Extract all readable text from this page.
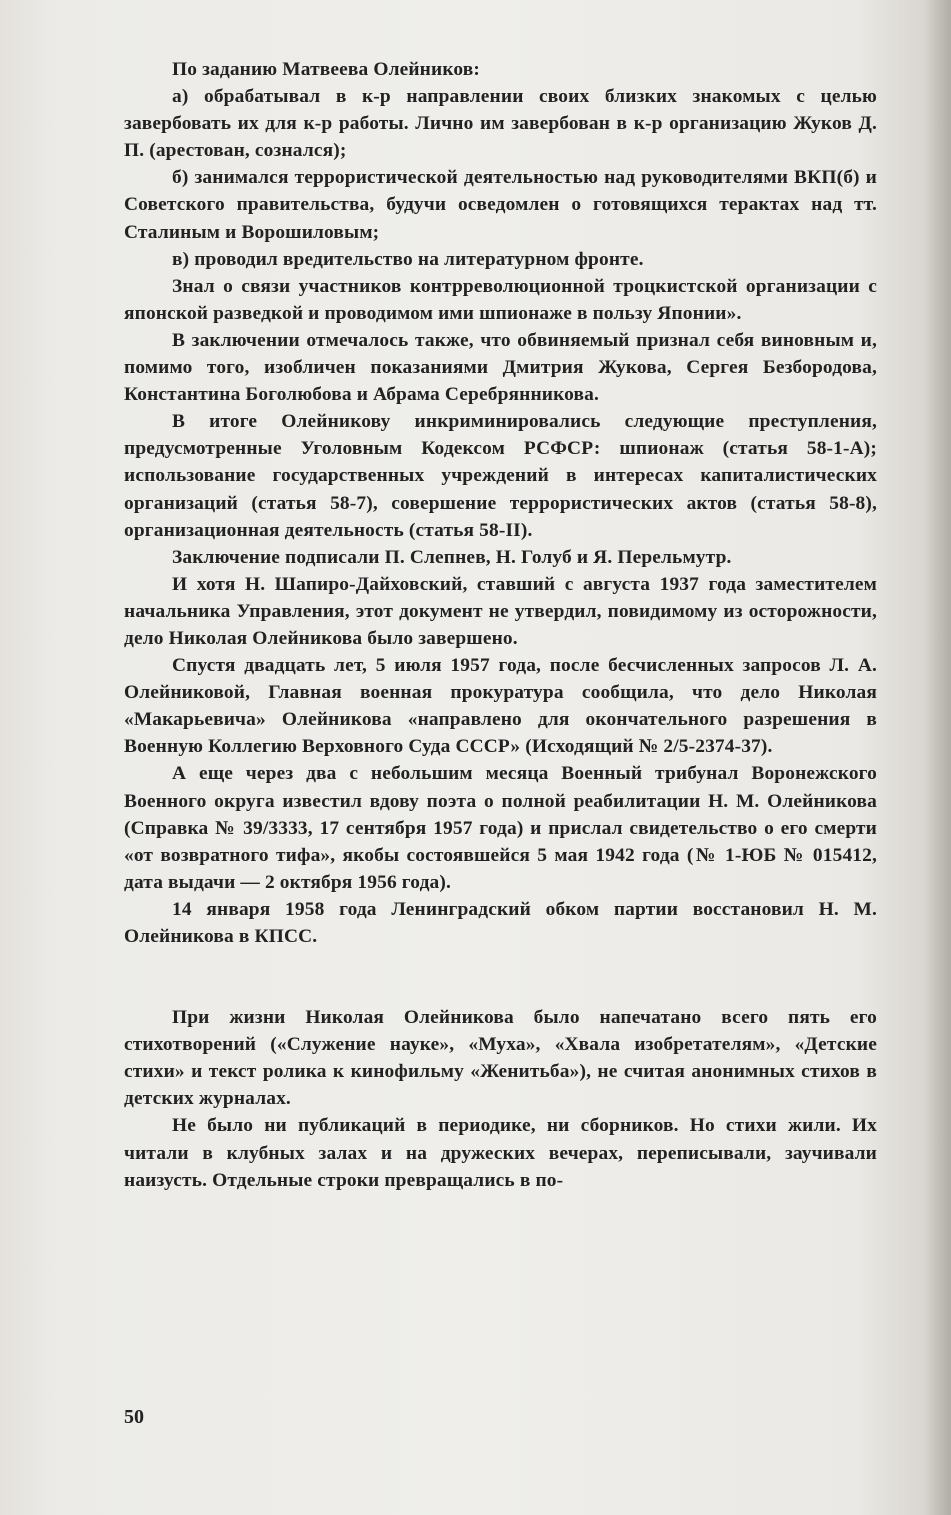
По заданию Матвеева Олейников:

а) обрабатывал в к-р направлении своих близких знакомых с целью завербовать их для к-р работы. Лично им завербован в к-р организацию Жуков Д. П. (арестован, сознался);

б) занимался террористической деятельностью над руководителями ВКП(б) и Советского правительства, будучи осведомлен о готовящихся терактах над тт. Сталиным и Ворошиловым;

в) проводил вредительство на литературном фронте.

Знал о связи участников контрреволюционной троцкистской организации с японской разведкой и проводимом ими шпионаже в пользу Японии».

В заключении отмечалось также, что обвиняемый признал себя виновным и, помимо того, изобличен показаниями Дмитрия Жукова, Сергея Безбородова, Константина Боголюбова и Абрама Серебрянникова.

В итоге Олейникову инкриминировались следующие преступления, предусмотренные Уголовным Кодексом РСФСР: шпионаж (статья 58-1-А); использование государственных учреждений в интересах капиталистических организаций (статья 58-7), совершение террористических актов (статья 58-8), организационная деятельность (статья 58-II).

Заключение подписали П. Слепнев, Н. Голуб и Я. Перельмутр.

И хотя Н. Шапиро-Дайховский, ставший с августа 1937 года заместителем начальника Управления, этот документ не утвердил, повидимому из осторожности, дело Николая Олейникова было завершено.

Спустя двадцать лет, 5 июля 1957 года, после бесчисленных запросов Л. А. Олейниковой, Главная военная прокуратура сообщила, что дело Николая «Макарьевича» Олейникова «направлено для окончательного разрешения в Военную Коллегию Верховного Суда СССР» (Исходящий № 2/5-2374-37).

А еще через два с небольшим месяца Военный трибунал Воронежского Военного округа известил вдову поэта о полной реабилитации Н. М. Олейникова (Справка № 39/3333, 17 сентября 1957 года) и прислал свидетельство о его смерти «от возвратного тифа», якобы состоявшейся 5 мая 1942 года (№ 1-ЮБ № 015412, дата выдачи — 2 октября 1956 года).

14 января 1958 года Ленинградский обком партии восстановил Н. М. Олейникова в КПСС.

При жизни Николая Олейникова было напечатано всего пять его стихотворений («Служение науке», «Муха», «Хвала изобретателям», «Детские стихи» и текст ролика к кинофильму «Женитьба»), не считая анонимных стихов в детских журналах.

Не было ни публикаций в периодике, ни сборников. Но стихи жили. Их читали в клубных залах и на дружеских вечерах, переписывали, заучивали наизусть. Отдельные строки превращались в по-

50
